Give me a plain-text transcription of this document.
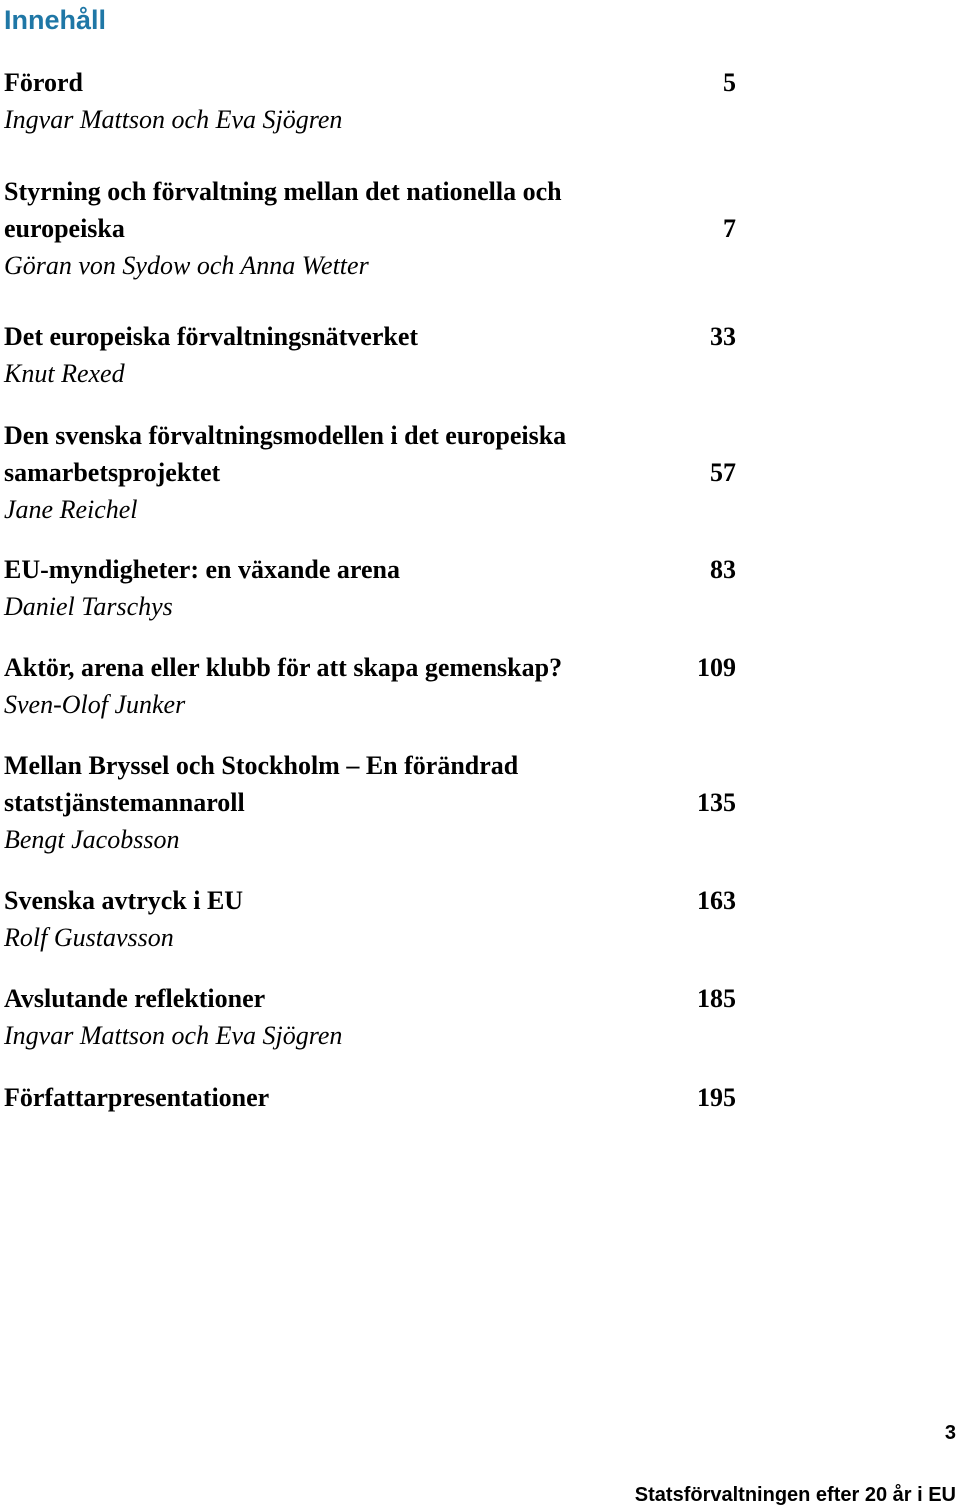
Innehåll
Förord	5
Ingvar Mattson och Eva Sjögren
Styrning och förvaltning mellan det nationella och
europeiska	7
Göran von Sydow och Anna Wetter
Det europeiska förvaltningsnätverket	33
Knut Rexed
Den svenska förvaltningsmodellen i det europeiska
samarbetsprojektet	57
Jane Reichel
EU-myndigheter: en växande arena	83
Daniel Tarschys
Aktör, arena eller klubb för att skapa gemenskap?	109
Sven-Olof Junker
Mellan Bryssel och Stockholm – En förändrad
statstjänstemannaroll	135
Bengt Jacobsson
Svenska avtryck i EU	163
Rolf Gustavsson
Avslutande reflektioner	185
Ingvar Mattson och Eva Sjögren
Författarpresentationer	195
3
Statsförvaltningen efter 20 år i EU
